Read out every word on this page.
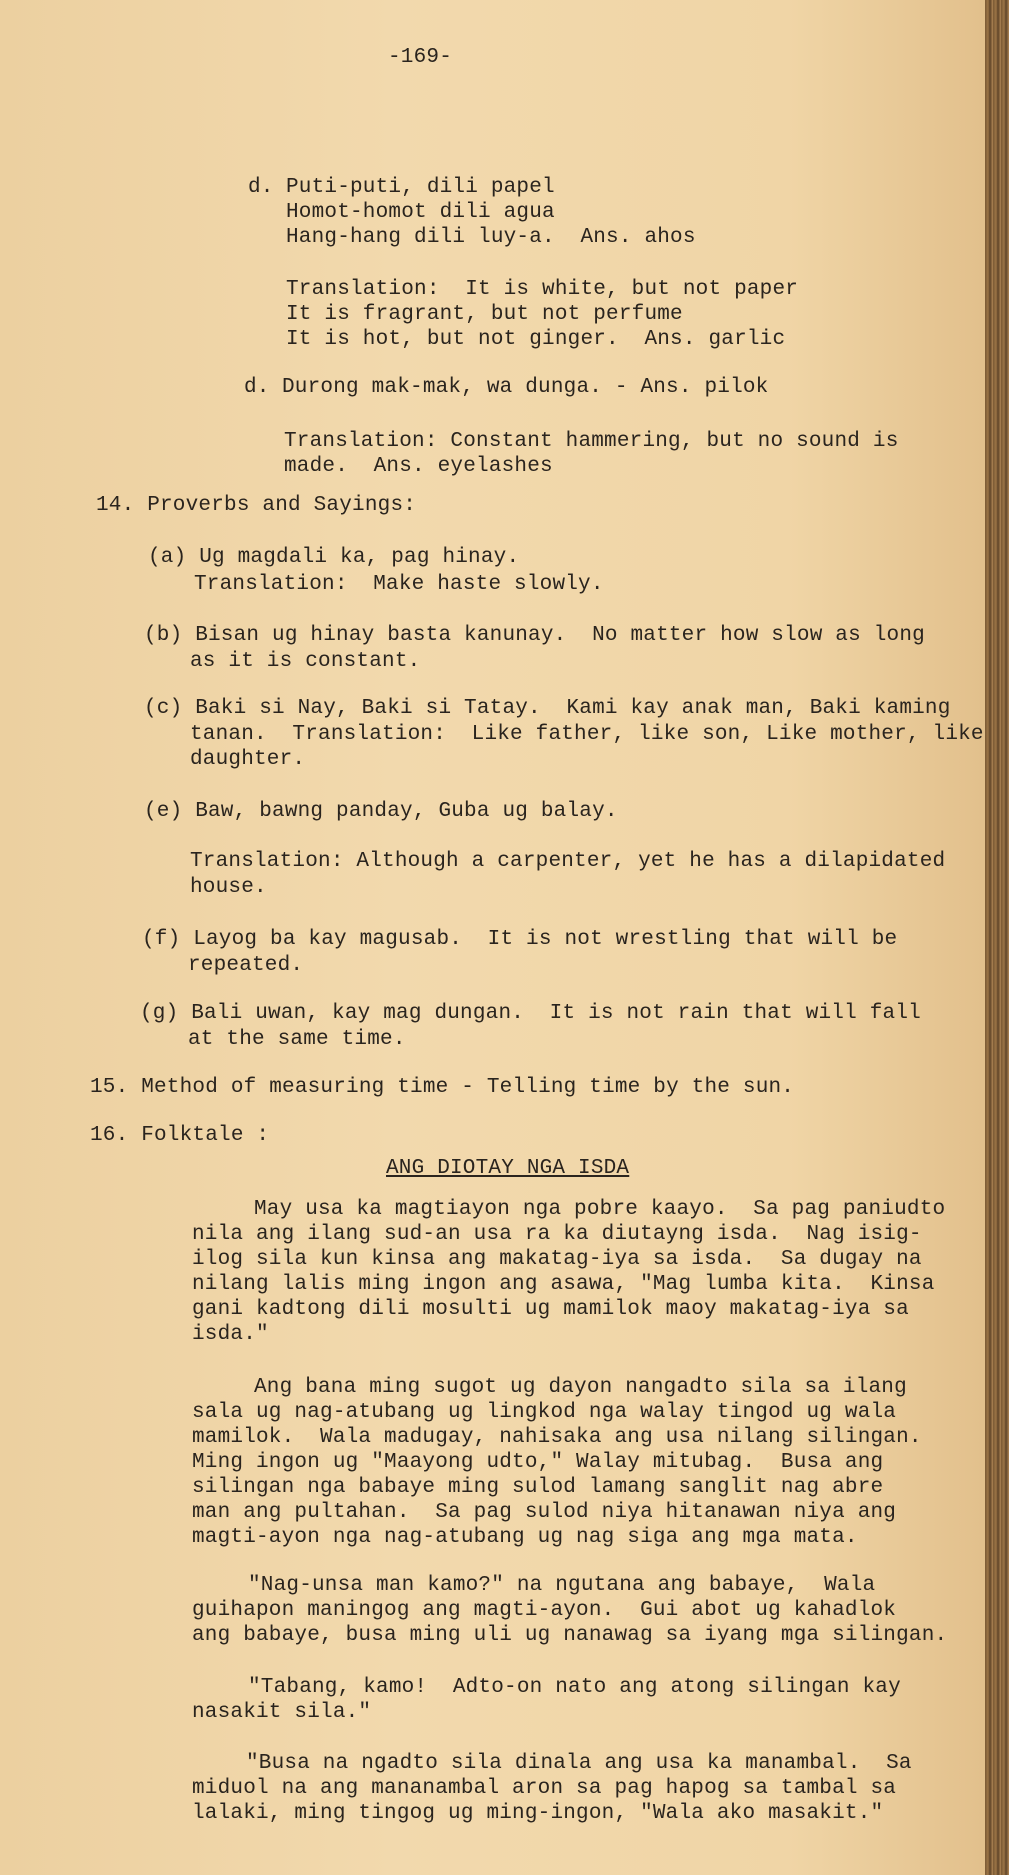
-169-
d. Puti-puti, dili papel
Homot-homot dili agua
Hang-hang dili luy-a.  Ans. ahos
Translation:  It is white, but not paper
It is fragrant, but not perfume
It is hot, but not ginger.  Ans. garlic
d. Durong mak-mak, wa dunga. - Ans. pilok
Translation: Constant hammering, but no sound is
made.  Ans. eyelashes
14. Proverbs and Sayings:
(a) Ug magdali ka, pag hinay.
Translation:  Make haste slowly.
(b) Bisan ug hinay basta kanunay.  No matter how slow as long
as it is constant.
(c) Baki si Nay, Baki si Tatay.  Kami kay anak man, Baki kaming
tanan.  Translation:  Like father, like son, Like mother, like
daughter.
(e) Baw, bawng panday, Guba ug balay.
Translation: Although a carpenter, yet he has a dilapidated
house.
(f) Layog ba kay magusab.  It is not wrestling that will be
repeated.
(g) Bali uwan, kay mag dungan.  It is not rain that will fall
at the same time.
15. Method of measuring time - Telling time by the sun.
16. Folktale :
ANG DIOTAY NGA ISDA
May usa ka magtiayon nga pobre kaayo.  Sa pag paniudto
nila ang ilang sud-an usa ra ka diutayng isda.  Nag isig-
ilog sila kun kinsa ang makatag-iya sa isda.  Sa dugay na
nilang lalis ming ingon ang asawa, "Mag lumba kita.  Kinsa
gani kadtong dili mosulti ug mamilok maoy makatag-iya sa
isda."
Ang bana ming sugot ug dayon nangadto sila sa ilang
sala ug nag-atubang ug lingkod nga walay tingod ug wala
mamilok.  Wala madugay, nahisaka ang usa nilang silingan.
Ming ingon ug "Maayong udto," Walay mitubag.  Busa ang
silingan nga babaye ming sulod lamang sanglit nag abre
man ang pultahan.  Sa pag sulod niya hitanawan niya ang
magti-ayon nga nag-atubang ug nag siga ang mga mata.
"Nag-unsa man kamo?" na ngutana ang babaye,  Wala
guihapon maningog ang magti-ayon.  Gui abot ug kahadlok
ang babaye, busa ming uli ug nanawag sa iyang mga silingan.
"Tabang, kamo!  Adto-on nato ang atong silingan kay
nasakit sila."
"Busa na ngadto sila dinala ang usa ka manambal.  Sa
miduol na ang mananambal aron sa pag hapog sa tambal sa
lalaki, ming tingog ug ming-ingon, "Wala ako masakit."
